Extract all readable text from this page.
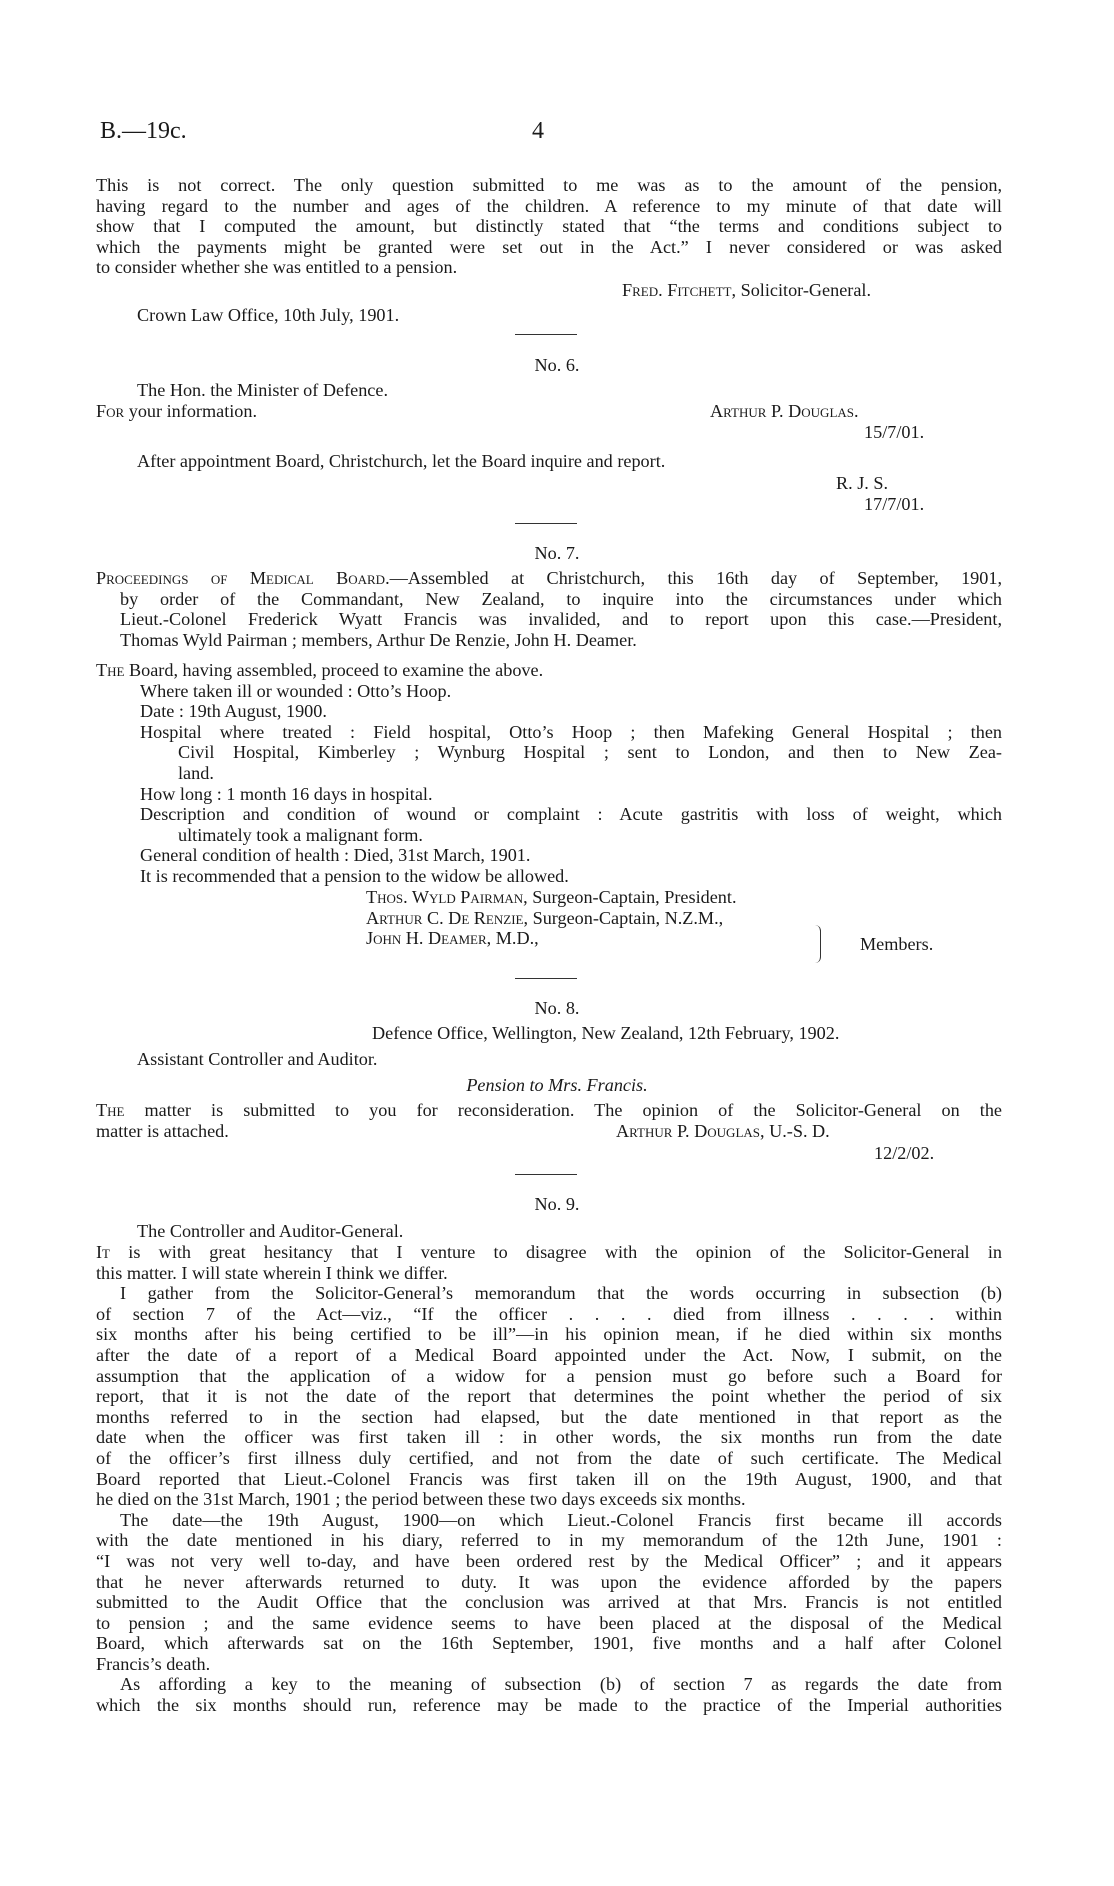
B.—19c.	4

This is not correct. The only question submitted to me was as to the amount of the pension,

having regard to the number and ages of the children. A reference to my minute of that date will

show that I computed the amount, but distinctly stated that “the terms and conditions subject to

which the payments might be granted were set out in the Act.” I never considered or was asked

to consider whether she was entitled to a pension.

Fred. Fitchett, Solicitor-General.
Crown Law Office, 10th July, 1901.
No. 6.
The Hon. the Minister of Defence.
For your information.	Arthur P. Douglas.
15/7/01.
After appointment Board, Christchurch, let the Board inquire and report.
R. J. S.
17/7/01.
No. 7.

Proceedings of Medical Board.—Assembled at Christchurch, this 16th day of September, 1901,

by order of the Commandant, New Zealand, to inquire into the circumstances under which

Lieut.-Colonel Frederick Wyatt Francis was invalided, and to report upon this case.—President,

Thomas Wyld Pairman ; members, Arthur De Renzie, John H. Deamer.

The Board, having assembled, proceed to examine the above.

Where taken ill or wounded : Otto’s Hoop.

Date : 19th August, 1900.

Hospital where treated : Field hospital, Otto’s Hoop ; then Mafeking General Hospital ; then

Civil Hospital, Kimberley ; Wynburg Hospital ; sent to London, and then to New Zea-

land.

How long : 1 month 16 days in hospital.

Description and condition of wound or complaint : Acute gastritis with loss of weight, which

ultimately took a malignant form.

General condition of health : Died, 31st March, 1901.

It is recommended that a pension to the widow be allowed.

Thos. Wyld Pairman, Surgeon-Captain, President.

Arthur C. De Renzie, Surgeon-Captain, N.Z.M.,

John H. Deamer, M.D.,	Members.
No. 8.
Defence Office, Wellington, New Zealand, 12th February, 1902.
Assistant Controller and Auditor.
Pension to Mrs. Francis.

The matter is submitted to you for reconsideration. The opinion of the Solicitor-General on the

matter is attached.	Arthur P. Douglas, U.-S. D.
12/2/02.
No. 9.
The Controller and Auditor-General.

It is with great hesitancy that I venture to disagree with the opinion of the Solicitor-General in

this matter. I will state wherein I think we differ.

I gather from the Solicitor-General’s memorandum that the words occurring in subsection (b)

of section 7 of the Act—viz., “If the officer . . . . died from illness . . . . within

six months after his being certified to be ill”—in his opinion mean, if he died within six months

after the date of a report of a Medical Board appointed under the Act. Now, I submit, on the

assumption that the application of a widow for a pension must go before such a Board for

report, that it is not the date of the report that determines the point whether the period of six

months referred to in the section had elapsed, but the date mentioned in that report as the

date when the officer was first taken ill : in other words, the six months run from the date

of the officer’s first illness duly certified, and not from the date of such certificate. The Medical

Board reported that Lieut.-Colonel Francis was first taken ill on the 19th August, 1900, and that

he died on the 31st March, 1901 ; the period between these two days exceeds six months.

The date—the 19th August, 1900—on which Lieut.-Colonel Francis first became ill accords

with the date mentioned in his diary, referred to in my memorandum of the 12th June, 1901 :

“I was not very well to-day, and have been ordered rest by the Medical Officer” ; and it appears

that he never afterwards returned to duty. It was upon the evidence afforded by the papers

submitted to the Audit Office that the conclusion was arrived at that Mrs. Francis is not entitled

to pension ; and the same evidence seems to have been placed at the disposal of the Medical

Board, which afterwards sat on the 16th September, 1901, five months and a half after Colonel

Francis’s death.

As affording a key to the meaning of subsection (b) of section 7 as regards the date from

which the six months should run, reference may be made to the practice of the Imperial authorities
